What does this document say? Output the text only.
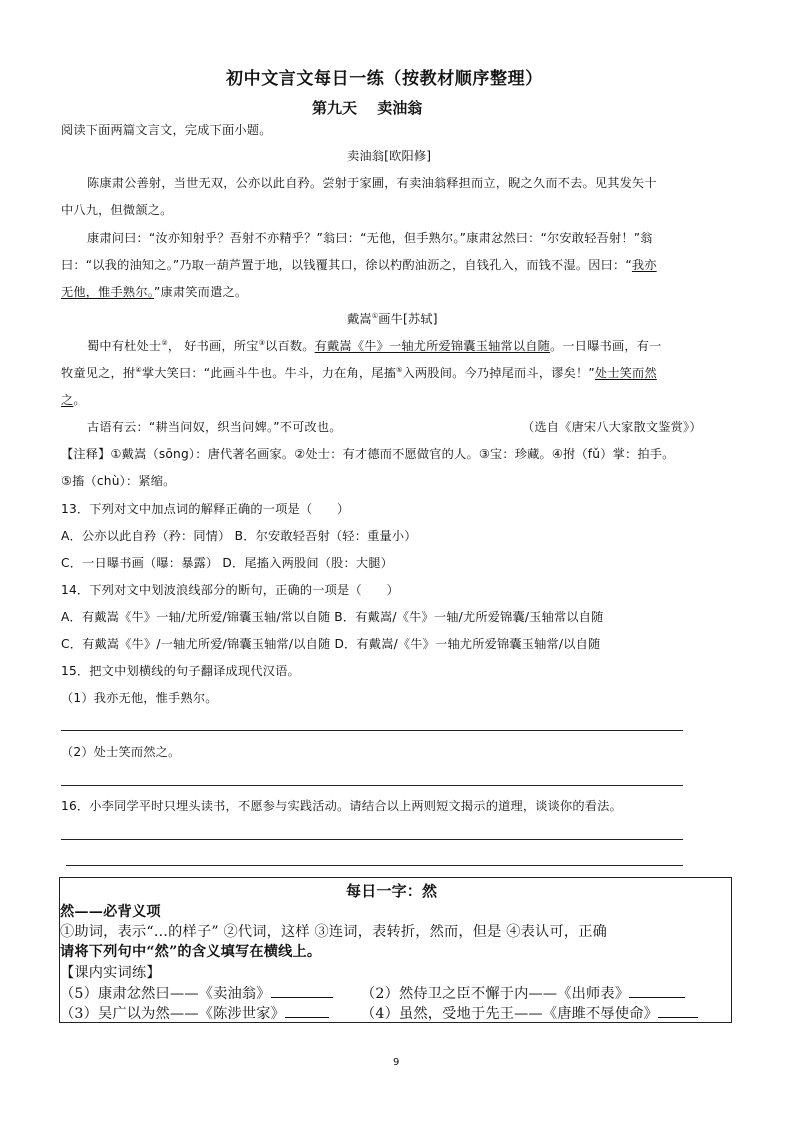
初中文言文每日一练（按教材顺序整理）
第九天　 卖油翁
阅读下面两篇文言文，完成下面小题。
卖油翁[欧阳修]
陈康肃公善射，当世无双，公亦以此自矜。尝射于家圃，有卖油翁释担而立，睨之久而不去。见其发矢十
中八九，但微颔之。
康肃问曰：“汝亦知射乎？吾射不亦精乎？”翁曰：“无他，但手熟尔。”康肃忿然曰：“尔安敢轻吾射！”翁
曰：“以我的油知之。”乃取一葫芦置于地，以钱覆其口，徐以杓酌油沥之，自钱孔入，而钱不湿。因曰：“我亦
无他，惟手熟尔。”康肃笑而遣之。
戴嵩①画牛[苏轼]
蜀中有杜处士②， 好书画，所宝③以百数。有戴嵩《牛》一轴尤所爱锦囊玉轴常以自随。一日曝书画，有一
牧童见之，拊④掌大笑曰：“此画斗牛也。牛斗，力在角，尾搐⑤入两股间。今乃掉尾而斗，谬矣！”处士笑而然
之。
古语有云：“耕当问奴，织当问婢。”不可改也。	（选自《唐宋八大家散文鉴赏》）
【注释】①戴嵩（sōng）：唐代著名画家。②处士：有才德而不愿做官的人。③宝：珍藏。④拊（fǔ）掌：拍手。
⑤搐（chù）：紧缩。
13．下列对文中加点词的解释正确的一项是（　　）
A．公亦以此自矜（矜：同情） B．尔安敢轻吾射（轻：重量小）
C．一日曝书画（曝：暴露） D．尾搐入两股间（股：大腿）
14．下列对文中划波浪线部分的断句，正确的一项是（　　）
A．有戴嵩《牛》一轴/尤所爱/锦囊玉轴/常以自随 B．有戴嵩/《牛》一轴/尤所爱锦囊/玉轴常以自随
C．有戴嵩《牛》/一轴尤所爱/锦囊玉轴常/以自随 D．有戴嵩/《牛》一轴尤所爱锦囊玉轴常/以自随
15．把文中划横线的句子翻译成现代汉语。
（1）我亦无他，惟手熟尔。
（2）处士笑而然之。
16．小李同学平时只埋头读书，不愿参与实践活动。请结合以上两则短文揭示的道理，谈谈你的看法。
每日一字：然
然——必背义项
①助词，表示“…的样子” ②代词，这样 ③连词，表转折，然而，但是 ④表认可，正确
请将下列句中“然”的含义填写在横线上。
【课内实词练】
（5）康肃忿然曰——《卖油翁》	（2）然侍卫之臣不懈于内——《出师表》
（3）吴广以为然——《陈涉世家》	（4）虽然，受地于先王——《唐雎不辱使命》
9
